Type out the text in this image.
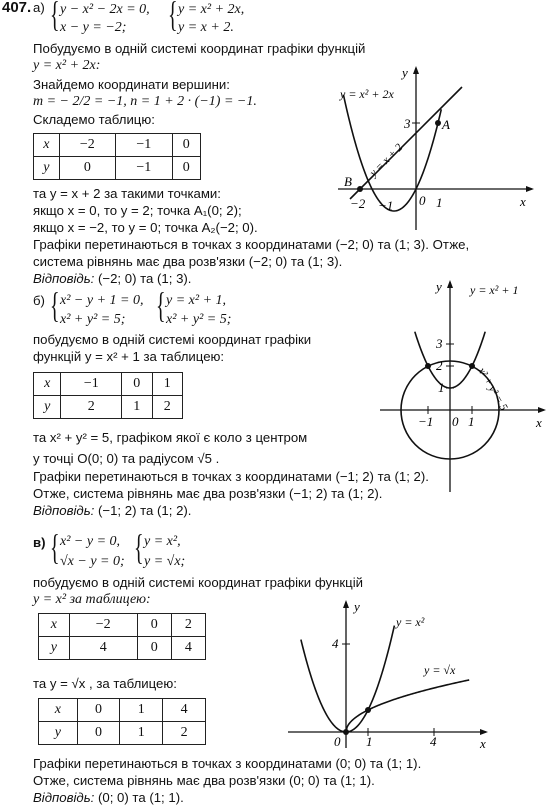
407. а) { y − x² − 2x = 0,
x − y = −2; { y = x² + 2x,
y = x + 2.
Побудуємо в одній системі координат графіки функцій
y = x² + 2x:
Знайдемо координати вершини:
m = − 2/2 = −1, n = 1 + 2 · (−1) = −1.
Складемо таблицю:
x	−2	−1	0
y	0	−1	0
та y = x + 2 за такими точками:
якщо x = 0, то y = 2; точка A₁(0; 2);
якщо x = −2, то y = 0; точка A₂(−2; 0).
Графіки перетинаються в точках з координатами (−2; 0) та (1; 3). Отже,
система рівнянь має два розв'язки (−2; 0) та (1; 3).
Відповідь: (−2; 0) та (1; 3).
y = x² + 2x
y = x + 2
A
B
y
x
3
−2 −1 0 1
б) { x² − y + 1 = 0,
x² + y² = 5; { y = x² + 1,
x² + y² = 5;
побудуємо в одній системі координат графіки
функцій y = x² + 1 за таблицею:
x	−1	0	1
y	2	1	2
та x² + y² = 5, графіком якої є коло з центром
у точці O(0; 0) та радіусом √5 .
Графіки перетинаються в точках з координатами (−1; 2) та (1; 2).
Отже, система рівнянь має два розв'язки (−1; 2) та (1; 2).
Відповідь: (−1; 2) та (1; 2).
y = x² + 1
x² + y² = 5
y
x
3
2
1
−1 0 1
в) { x² − y = 0,
√x − y = 0; { y = x²,
y = √x;
побудуємо в одній системі координат графіки функцій
y = x² за таблицею:
x	−2	0	2
y	4	0	4
та y = √x , за таблицею:
x	0	1	4
y	0	1	2
Графіки перетинаються в точках з координатами (0; 0) та (1; 1).
Отже, система рівнянь має два розв'язки (0; 0) та (1; 1).
Відповідь: (0; 0) та (1; 1).
y = x²
y = √x
y
x
4
0 1	4
